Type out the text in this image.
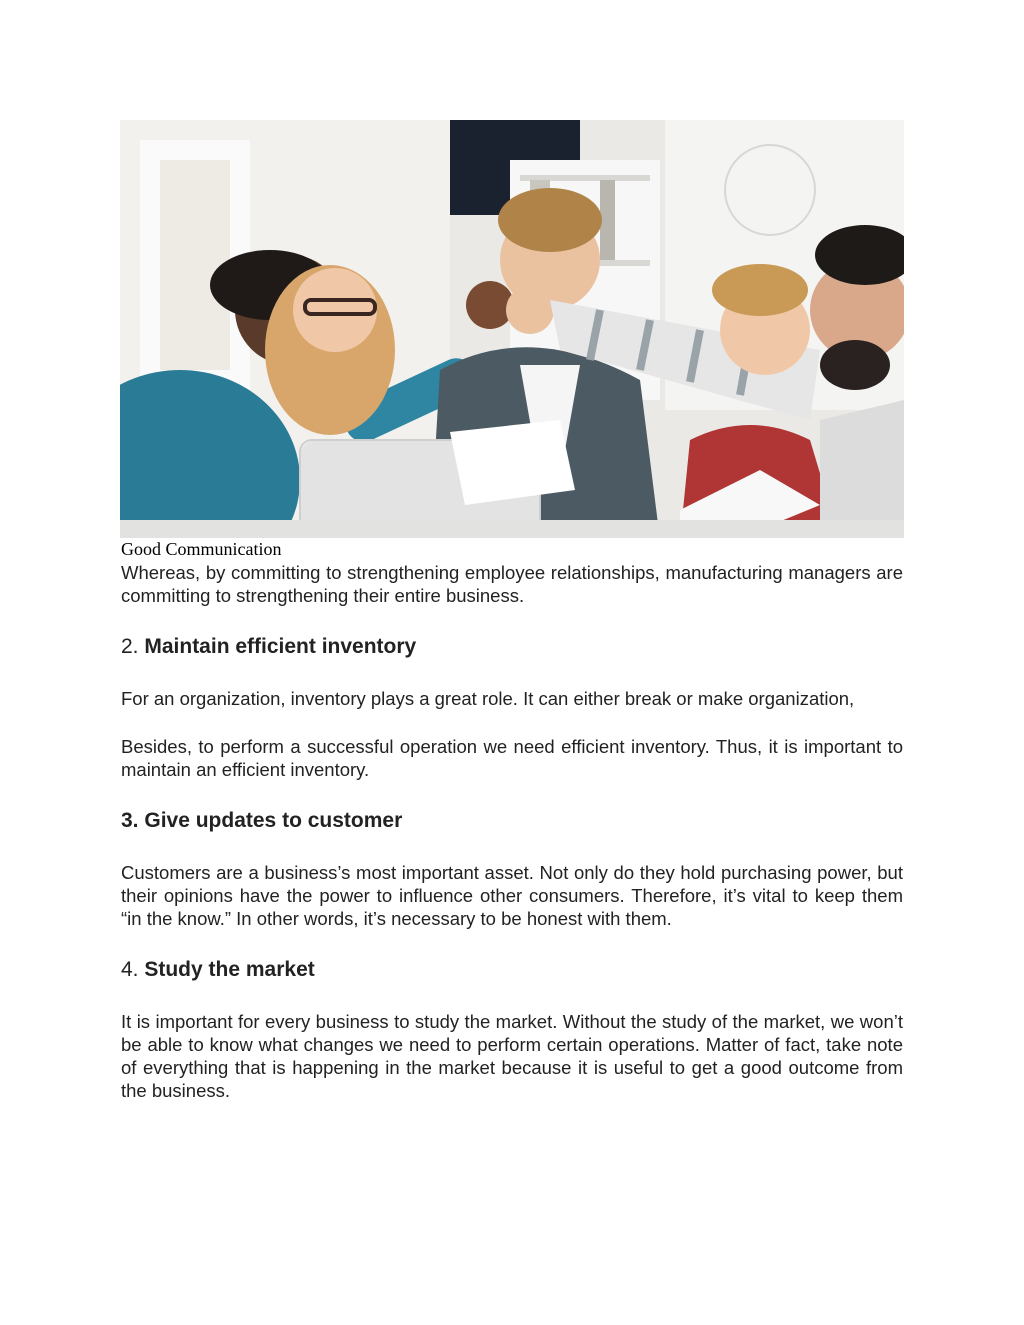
Good Communication

Whereas, by committing to strengthening employee relationships, manufacturing managers are committing to strengthening their entire business.

2. Maintain efficient inventory

For an organization, inventory plays a great role. It can either break or make organization,

Besides, to perform a successful operation we need efficient inventory. Thus, it is important to maintain an efficient inventory.

3. Give updates to customer

Customers are a business’s most important asset. Not only do they hold purchasing power, but their opinions have the power to influence other consumers. Therefore, it’s vital to keep them “in the know.” In other words, it’s necessary to be honest with them.

4. Study the market

It is important for every business to study the market. Without the study of the market, we won’t be able to know what changes we need to perform certain operations. Matter of fact, take note of everything that is happening in the market because it is useful to get a good outcome from the business.
